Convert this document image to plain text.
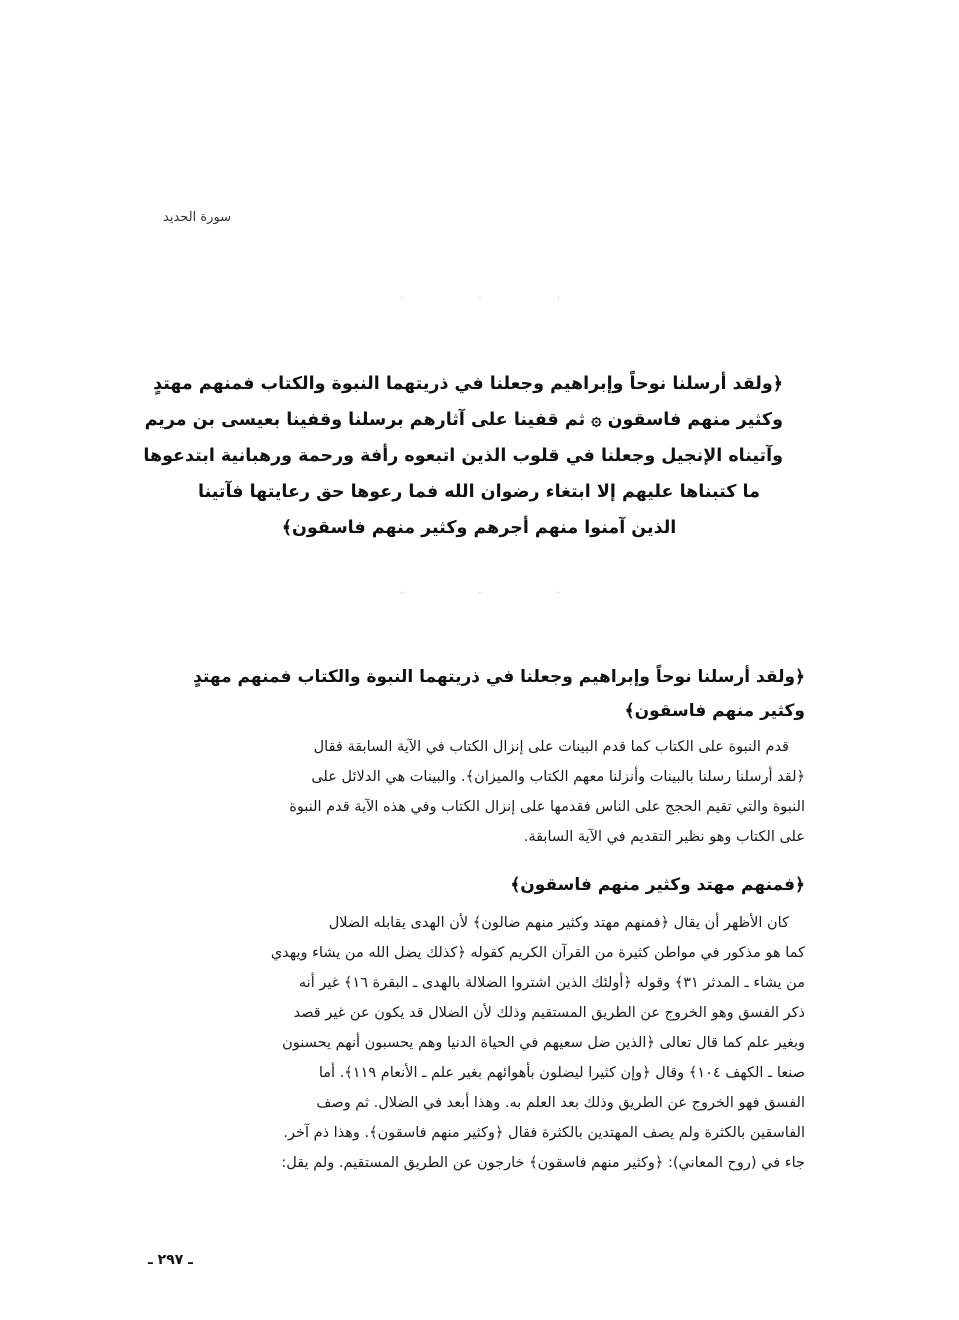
سورة الحديد
·	·	·
﴿ولقد أرسلنا نوحاً وإبراهيم وجعلنا في ذريتهما النبوة والكتاب فمنهم مهتدٍ
وكثير منهم فاسقون ۞ ثم قفينا على آثارهم برسلنا وقفينا بعيسى بن مريم
وآتيناه الإنجيل وجعلنا في قلوب الذين اتبعوه رأفة ورحمة ورهبانية ابتدعوها
ما كتبناها عليهم إلا ابتغاء رضوان الله فما رعوها حق رعايتها فآتينا
الذين آمنوا منهم أجرهم وكثير منهم فاسقون﴾
·	·	·
﴿ولقد أرسلنا نوحاً وإبراهيم وجعلنا في ذريتهما النبوة والكتاب فمنهم مهتدٍ
وكثير منهم فاسقون﴾
قدم النبوة على الكتاب كما قدم البينات على إنزال الكتاب في الآية السابقة فقال
﴿لقد أرسلنا رسلنا بالبينات وأنزلنا معهم الكتاب والميزان﴾. والبينات هي الدلائل على
النبوة والتي تقيم الحجج على الناس فقدمها على إنزال الكتاب وفي هذه الآية قدم النبوة
على الكتاب وهو نظير التقديم في الآية السابقة.
﴿فمنهم مهتد وكثير منهم فاسقون﴾
كان الأظهر أن يقال ﴿فمنهم مهتد وكثير منهم ضالون﴾ لأن الهدى يقابله الضلال
كما هو مذكور في مواطن كثيرة من القرآن الكريم كقوله ﴿كذلك يضل الله من يشاء ويهدي
من يشاء ـ المدثر ٣١﴾ وقوله ﴿أولئك الذين اشتروا الضلالة بالهدى ـ البقرة ١٦﴾ غير أنه
ذكر الفسق وهو الخروج عن الطريق المستقيم وذلك لأن الضلال قد يكون عن غير قصد
وبغير علم كما قال تعالى ﴿الذين ضل سعيهم في الحياة الدنيا وهم يحسبون أنهم يحسنون
صنعا ـ الكهف ١٠٤﴾ وقال ﴿وإن كثيرا ليضلون بأهوائهم بغير علم ـ الأنعام ١١٩﴾. أما
الفسق فهو الخروج عن الطريق وذلك بعد العلم به. وهذا أبعد في الضلال. ثم وصف
الفاسقين بالكثرة ولم يصف المهتدين بالكثرة فقال ﴿وكثير منهم فاسقون﴾. وهذا ذم آخر.
جاء في (روح المعاني): ﴿وكثير منهم فاسقون﴾ خارجون عن الطريق المستقيم. ولم يقل:
ـ ٢٩٧ ـ
